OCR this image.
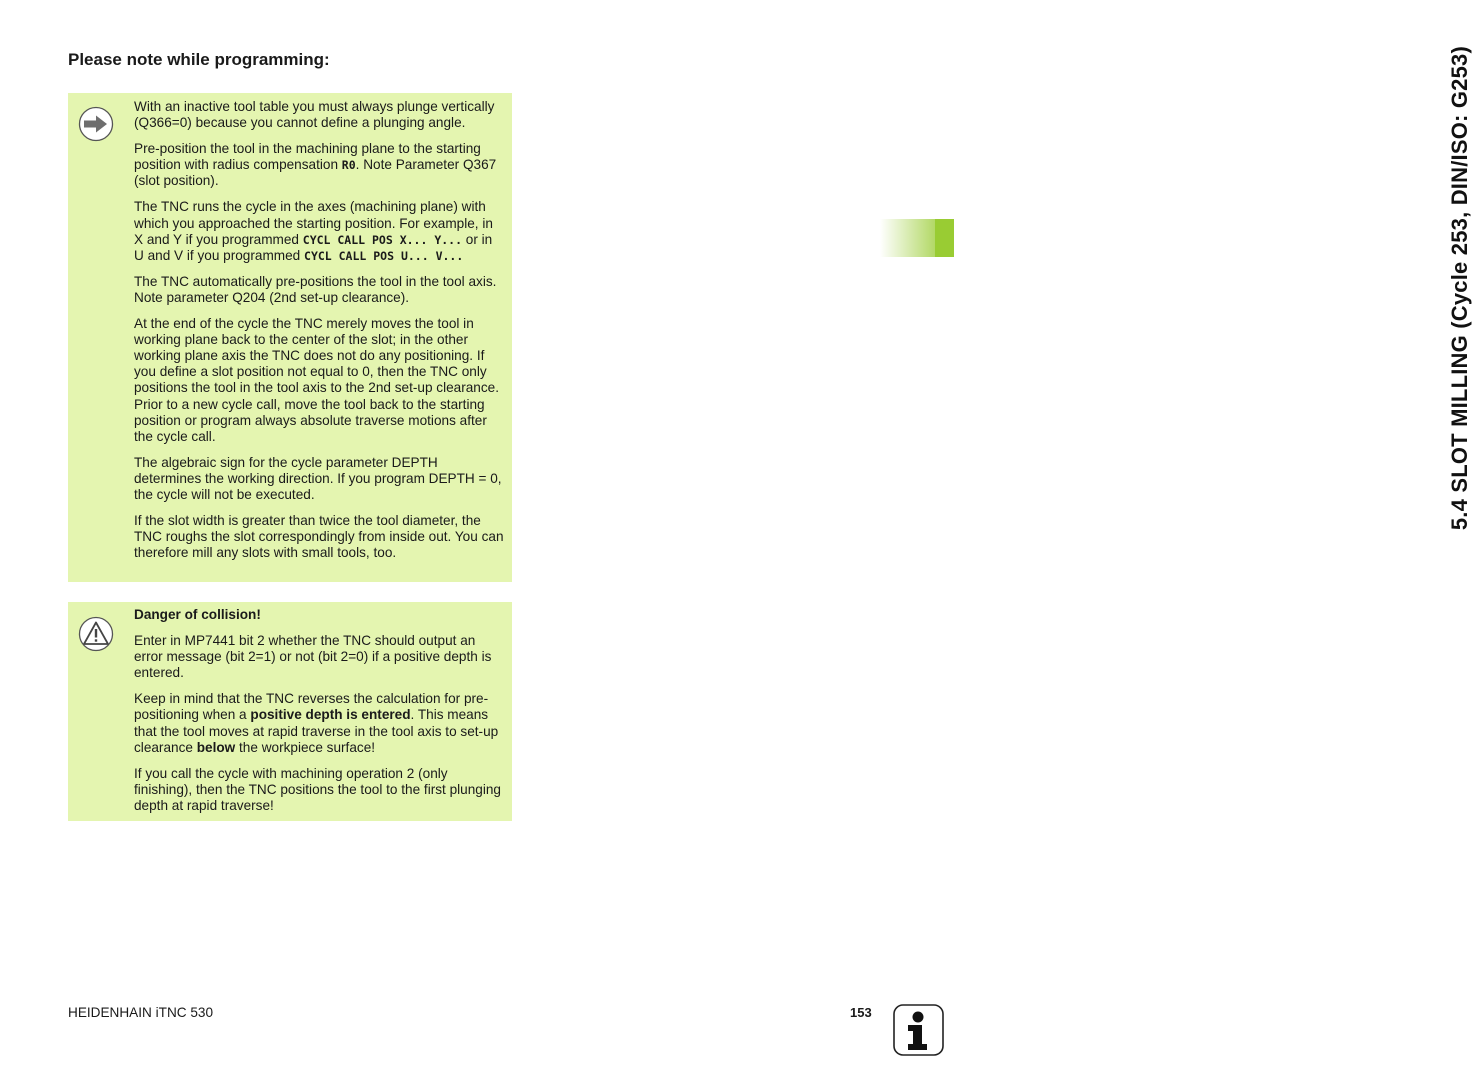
Please note while programming:

With an inactive tool table you must always plunge vertically (Q366=0) because you cannot define a plunging angle.

Pre-position the tool in the machining plane to the starting position with radius compensation R0. Note Parameter Q367 (slot position).

The TNC runs the cycle in the axes (machining plane) with which you approached the starting position. For example, in X and Y if you programmed CYCL CALL POS X... Y... or in U and V if you programmed CYCL CALL POS U... V...

The TNC automatically pre-positions the tool in the tool axis. Note parameter Q204 (2nd set-up clearance).

At the end of the cycle the TNC merely moves the tool in working plane back to the center of the slot; in the other working plane axis the TNC does not do any positioning. If you define a slot position not equal to 0, then the TNC only positions the tool in the tool axis to the 2nd set-up clearance. Prior to a new cycle call, move the tool back to the starting position or program always absolute traverse motions after the cycle call.

The algebraic sign for the cycle parameter DEPTH determines the working direction. If you program DEPTH = 0, the cycle will not be executed.

If the slot width is greater than twice the tool diameter, the TNC roughs the slot correspondingly from inside out. You can therefore mill any slots with small tools, too.

Danger of collision!

Enter in MP7441 bit 2 whether the TNC should output an error message (bit 2=1) or not (bit 2=0) if a positive depth is entered.

Keep in mind that the TNC reverses the calculation for pre-positioning when a positive depth is entered. This means that the tool moves at rapid traverse in the tool axis to set-up clearance below the workpiece surface!

If you call the cycle with machining operation 2 (only finishing), then the TNC positions the tool to the first plunging depth at rapid traverse!

5.4 SLOT MILLING (Cycle 253, DIN/ISO: G253)
HEIDENHAIN iTNC 530	153
